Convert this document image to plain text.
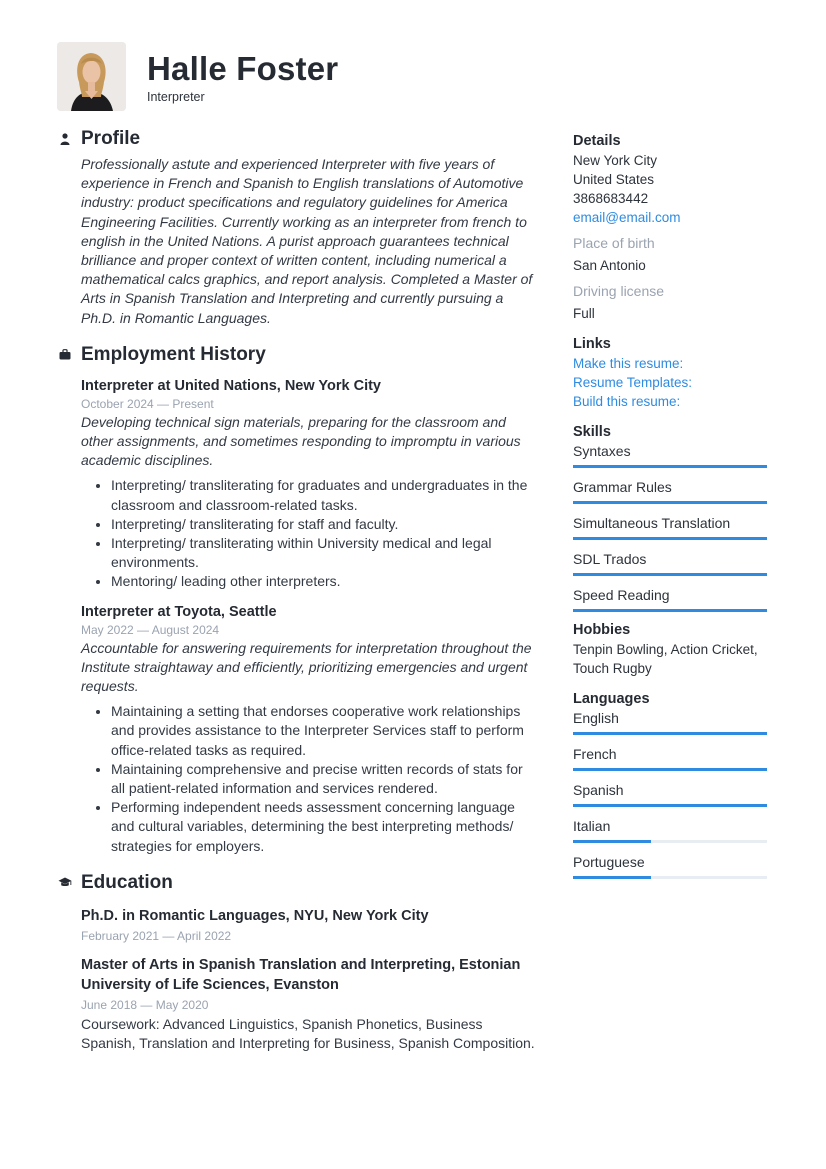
Halle Foster
Interpreter
Profile
Professionally astute and experienced Interpreter with five years of experience in French and Spanish to English translations of Automotive industry: product specifications and regulatory guidelines for America Engineering Facilities. Currently working as an interpreter from french to english in the United Nations. A purist approach guarantees technical brilliance and proper context of written content, including numerical a mathematical calcs graphics, and report analysis. Completed a Master of Arts in Spanish Translation and Interpreting and currently pursuing a Ph.D. in Romantic Languages.
Employment History
Interpreter at United Nations, New York City
October 2024 — Present
Developing technical sign materials, preparing for the classroom and other assignments, and sometimes responding to impromptu in various academic disciplines.
• Interpreting/ transliterating for graduates and undergraduates in the classroom and classroom-related tasks.
• Interpreting/ transliterating for staff and faculty.
• Interpreting/ transliterating within University medical and legal environments.
• Mentoring/ leading other interpreters.
Interpreter at Toyota, Seattle
May 2022 — August 2024
Accountable for answering requirements for interpretation throughout the Institute straightaway and efficiently, prioritizing emergencies and urgent requests.
• Maintaining a setting that endorses cooperative work relationships and provides assistance to the Interpreter Services staff to perform office-related tasks as required.
• Maintaining comprehensive and precise written records of stats for all patient-related information and services rendered.
• Performing independent needs assessment concerning language and cultural variables, determining the best interpreting methods/ strategies for employers.
Education
Ph.D. in Romantic Languages, NYU, New York City
February 2021 — April 2022
Master of Arts in Spanish Translation and Interpreting, Estonian University of Life Sciences, Evanston
June 2018 — May 2020
Coursework: Advanced Linguistics, Spanish Phonetics, Business Spanish, Translation and Interpreting for Business, Spanish Composition.
Details
New York City
United States
3868683442
email@email.com
Place of birth
San Antonio
Driving license
Full
Links
Make this resume:
Resume Templates:
Build this resume:
Skills
Syntaxes
Grammar Rules
Simultaneous Translation
SDL Trados
Speed Reading
Hobbies
Tenpin Bowling, Action Cricket, Touch Rugby
Languages
English
French
Spanish
Italian
Portuguese
